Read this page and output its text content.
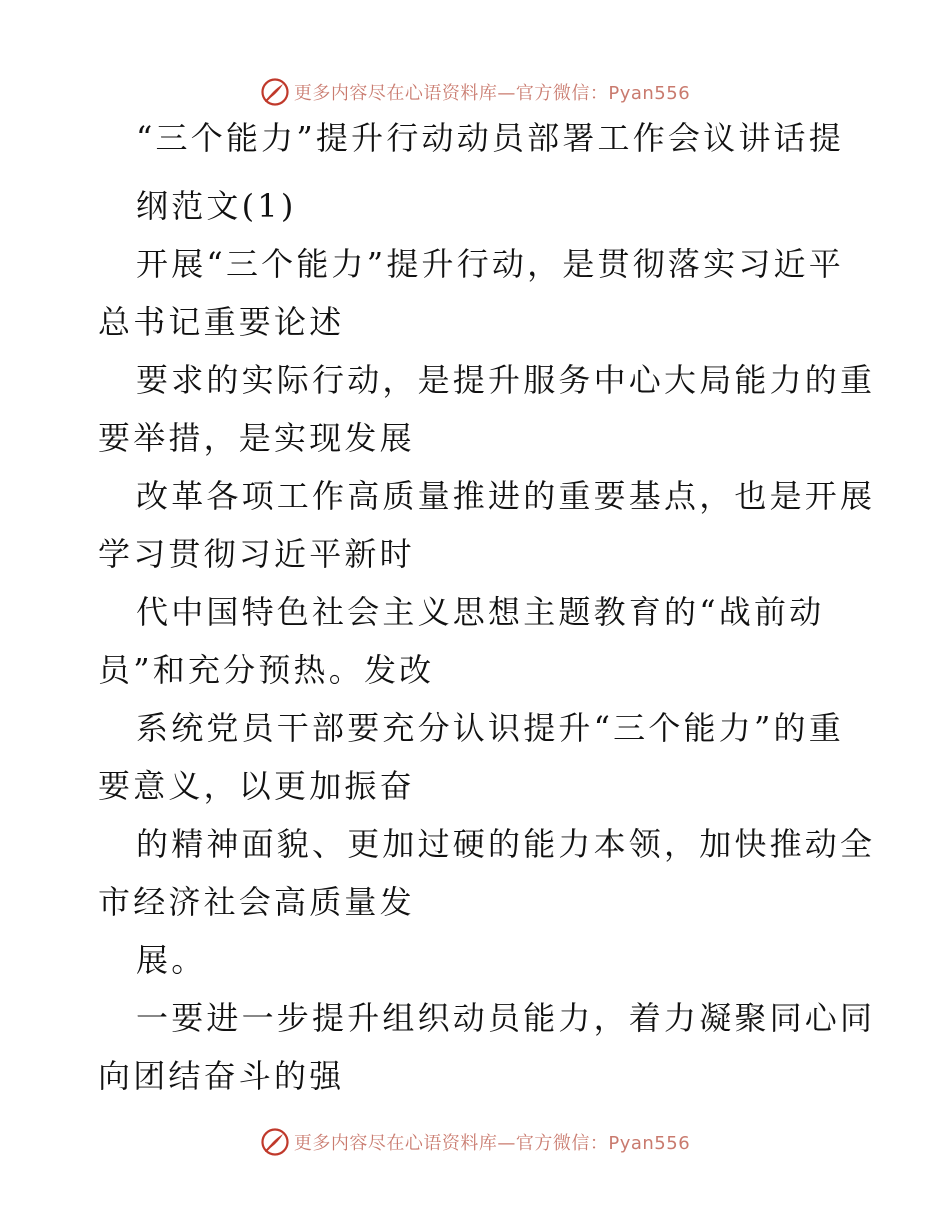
更多内容尽在心语资料库—官方微信：Pyan556
“三个能力”提升行动动员部署工作会议讲话提
纲范文(1)
开展“三个能力”提升行动，是贯彻落实习近平
总书记重要论述
要求的实际行动，是提升服务中心大局能力的重
要举措，是实现发展
改革各项工作高质量推进的重要基点，也是开展
学习贯彻习近平新时
代中国特色社会主义思想主题教育的“战前动
员”和充分预热。发改
系统党员干部要充分认识提升“三个能力”的重
要意义，以更加振奋
的精神面貌、更加过硬的能力本领，加快推动全
市经济社会高质量发
展。
一要进一步提升组织动员能力，着力凝聚同心同
向团结奋斗的强
更多内容尽在心语资料库—官方微信：Pyan556
